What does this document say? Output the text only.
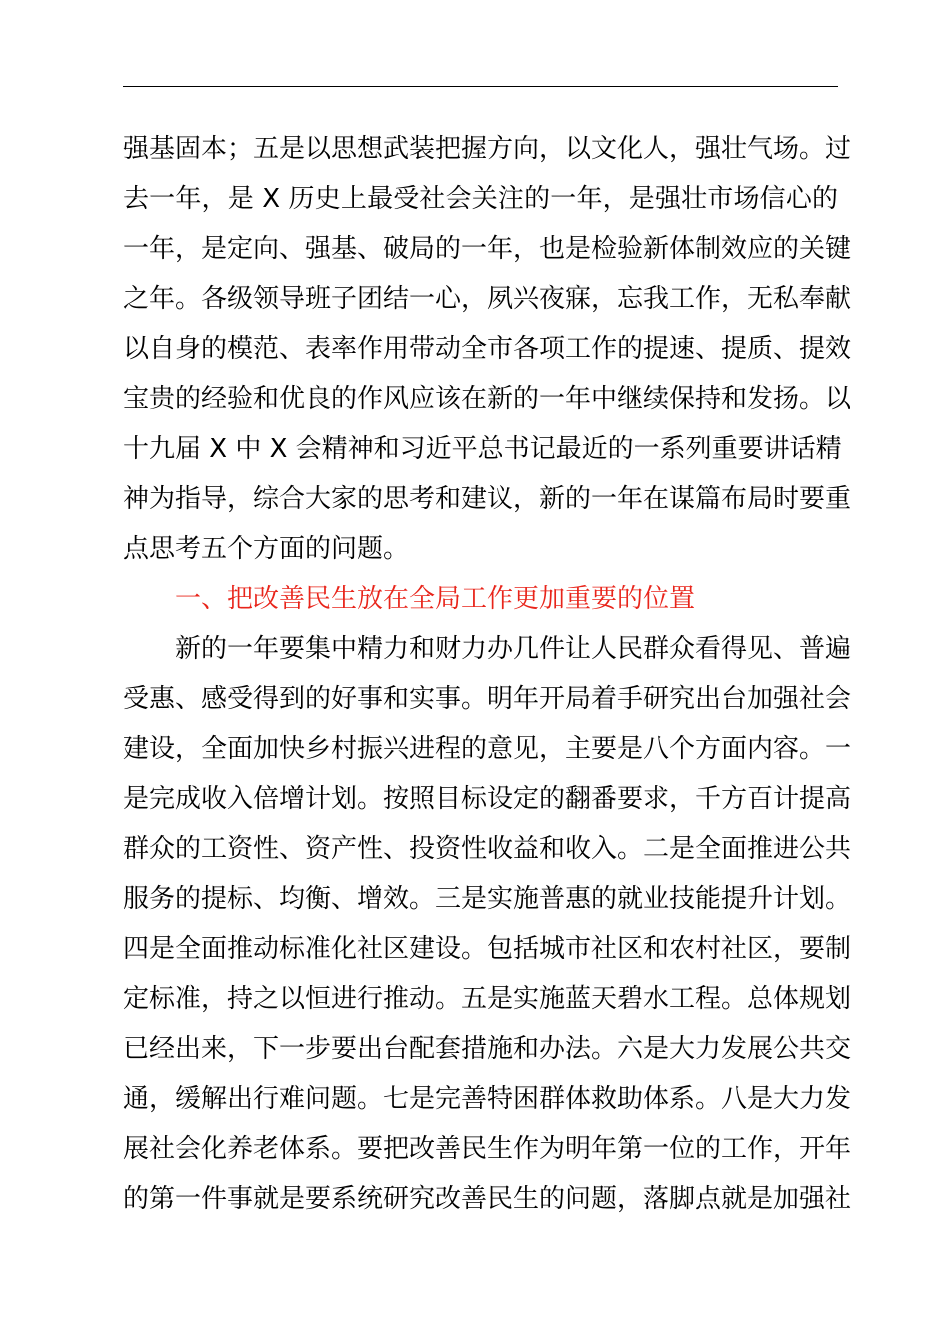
强基固本；五是以思想武装把握方向，以文化人，强壮气场。过
去一年，是 X 历史上最受社会关注的一年，是强壮市场信心的
一年，是定向、强基、破局的一年，也是检验新体制效应的关键
之年。各级领导班子团结一心，夙兴夜寐，忘我工作，无私奉献
以自身的模范、表率作用带动全市各项工作的提速、提质、提效
宝贵的经验和优良的作风应该在新的一年中继续保持和发扬。以
十九届 X 中 X 会精神和习近平总书记最近的一系列重要讲话精
神为指导，综合大家的思考和建议，新的一年在谋篇布局时要重
点思考五个方面的问题。
一、把改善民生放在全局工作更加重要的位置
新的一年要集中精力和财力办几件让人民群众看得见、普遍
受惠、感受得到的好事和实事。明年开局着手研究出台加强社会
建设，全面加快乡村振兴进程的意见，主要是八个方面内容。一
是完成收入倍增计划。按照目标设定的翻番要求，千方百计提高
群众的工资性、资产性、投资性收益和收入。二是全面推进公共
服务的提标、均衡、增效。三是实施普惠的就业技能提升计划。
四是全面推动标准化社区建设。包括城市社区和农村社区，要制
定标准，持之以恒进行推动。五是实施蓝天碧水工程。总体规划
已经出来，下一步要出台配套措施和办法。六是大力发展公共交
通，缓解出行难问题。七是完善特困群体救助体系。八是大力发
展社会化养老体系。要把改善民生作为明年第一位的工作，开年
的第一件事就是要系统研究改善民生的问题，落脚点就是加强社
